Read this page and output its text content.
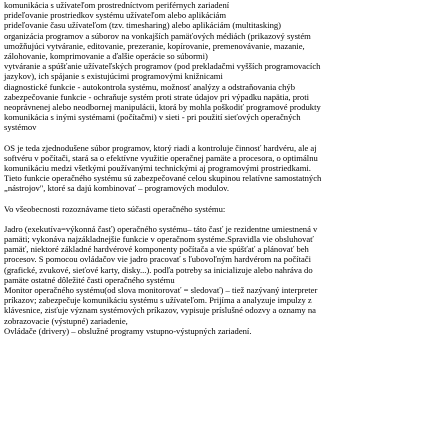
komunikácia s užívateľom prostredníctvom periférnych zariadení
prideľovanie prostriedkov systému užívateľom alebo aplikáciám
prideľovanie času užívateľom (tzv. timesharing) alebo aplikáciám (multitasking)
organizácia programov a súborov na vonkajších pamäťových médiách (prikazový systém
umožňujúci vytváranie, editovanie, prezeranie, kopírovanie, premenovávanie, mazanie,
zálohovanie, komprimovanie a ďalšie operácie so súbormi)
vytváranie a spúšťanie užívateľských programov (pod prekladačmi vyšších programovacích
jazykov), ich spájanie s existujúcimi programovými knižnicami
diagnostické funkcie - autokontrola systému, možnosť analýzy a odstraňovania chýb
zabezpečovanie funkcie - ochraňuje systém proti strate údajov pri výpadku napätia, proti
neoprávnenej alebo neodbornej manipulácii, ktorá by mohla poškodiť programové produkty
komunikácia s inými systémami (počítačmi) v sieti - pri použití sieťových operačných
systémov
OS je teda zjednodušene súbor programov, ktorý riadi a kontroluje činnosť hardvéru, ale aj
softvéru v počítači, stará sa o efektívne využitie operačnej pamäte a procesora, o optimálnu
komunikáciu medzi všetkými používanými technickými aj programovými prostriedkami.
Tieto funkcie operačného systému sú zabezpečované celou skupinou relatívne samostatných
„nástrojov", ktoré sa dajú kombinovať – programových modulov.
Vo všeobecnosti rozoznávame tieto súčasti operačného systému:
Jadro (exekutíva=výkonná časť) operačného systému– táto časť je rezidentne umiestnená v
pamäti; vykonáva najzákladnejšie funkcie v operačnom systéme.Spravidla vie obsluhovať
pamäť, niektoré základné hardvérové komponenty počítača a vie spúšťať a plánovať beh
procesov. S pomocou ovládačov vie jadro pracovať s ľubovoľným hardvérom na počítači
(grafické, zvukové, sieťové karty, disky...). podľa potreby sa inicializuje alebo nahráva do
pamäte ostatné dôležité časti operačného systému
Monitor operačného systému(od slova monitorovať = sledovať) – tiež nazývaný interpreter
príkazov; zabezpečuje komunikáciu systému s užívateľom. Prijíma a analyzuje impulzy z
klávesnice, zisťuje význam systémových príkazov, vypisuje príslušné odozvy a oznamy na
zobrazovacie (výstupné) zariadenie,
Ovládače (drivery) – obslužné programy vstupno-výstupných zariadení.
